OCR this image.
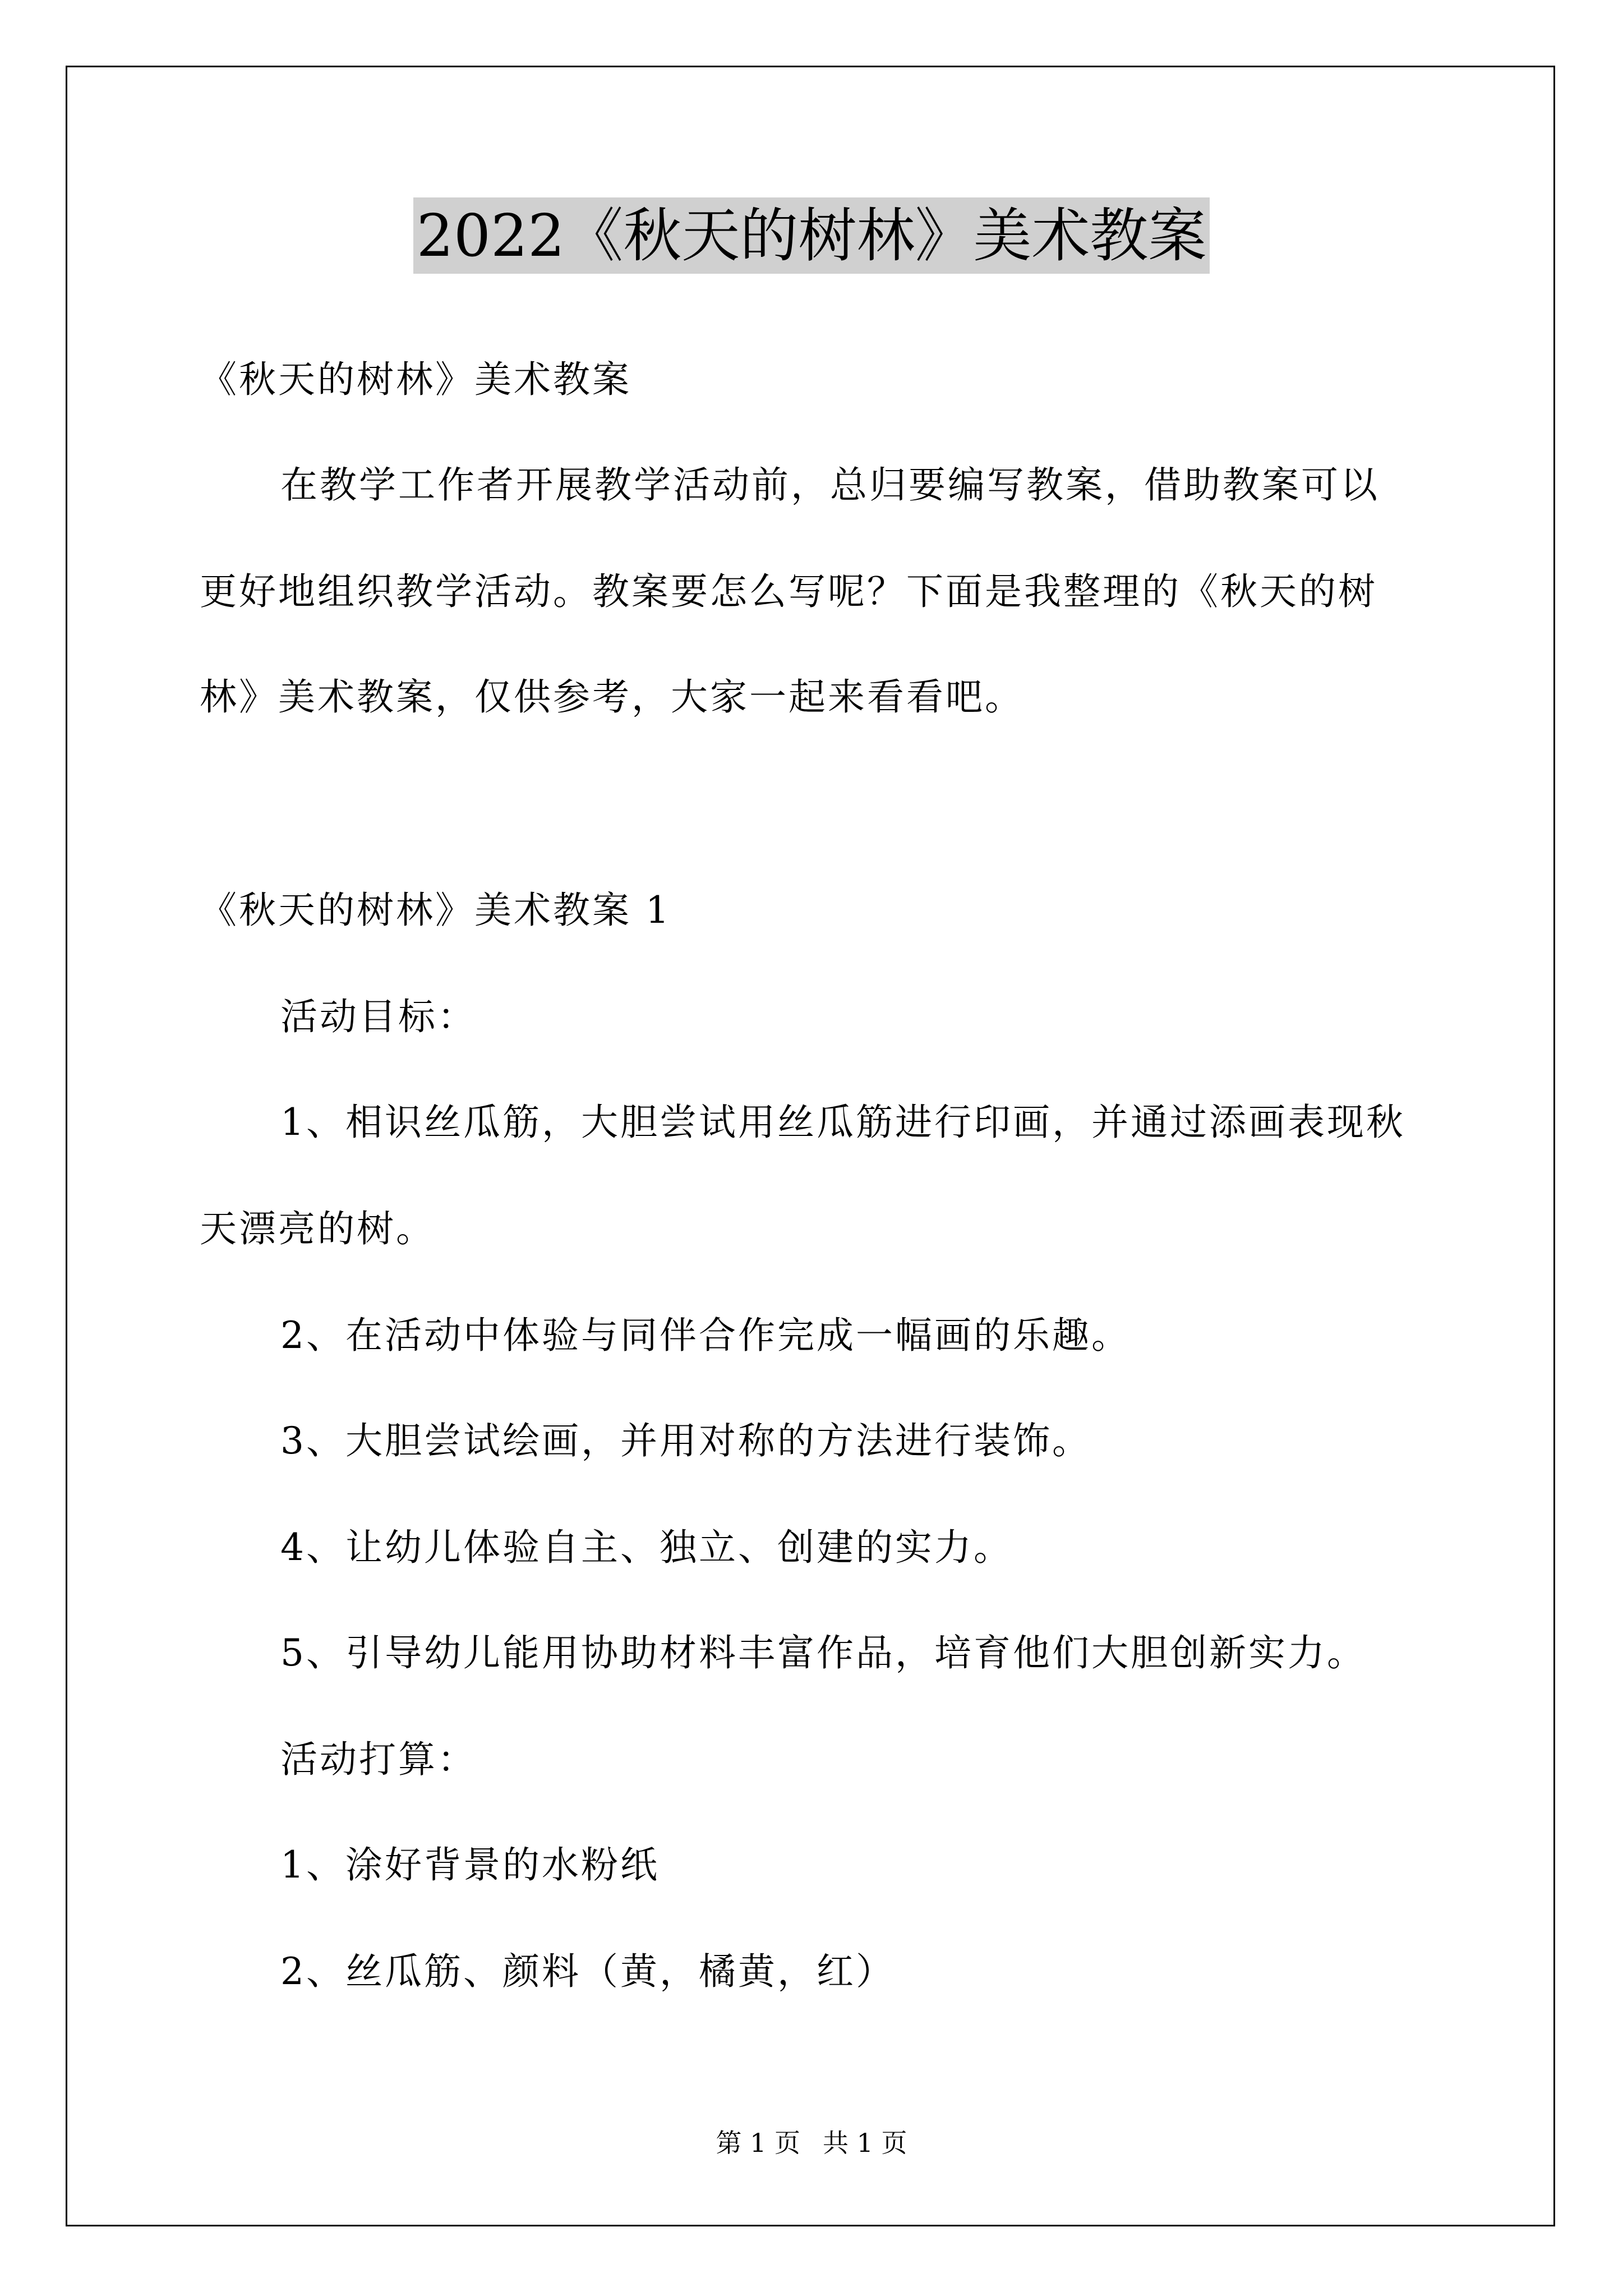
2022《秋天的树林》美术教案
《秋天的树林》美术教案
在教学工作者开展教学活动前，总归要编写教案，借助教案可以
更好地组织教学活动。教案要怎么写呢？下面是我整理的《秋天的树
林》美术教案，仅供参考，大家一起来看看吧。
《秋天的树林》美术教案 1
活动目标：
1、相识丝瓜筋，大胆尝试用丝瓜筋进行印画，并通过添画表现秋
天漂亮的树。
2、在活动中体验与同伴合作完成一幅画的乐趣。
3、大胆尝试绘画，并用对称的方法进行装饰。
4、让幼儿体验自主、独立、创建的实力。
5、引导幼儿能用协助材料丰富作品，培育他们大胆创新实力。
活动打算：
1、涂好背景的水粉纸
2、丝瓜筋、颜料（黄，橘黄，红）
第 1 页 共 1 页
